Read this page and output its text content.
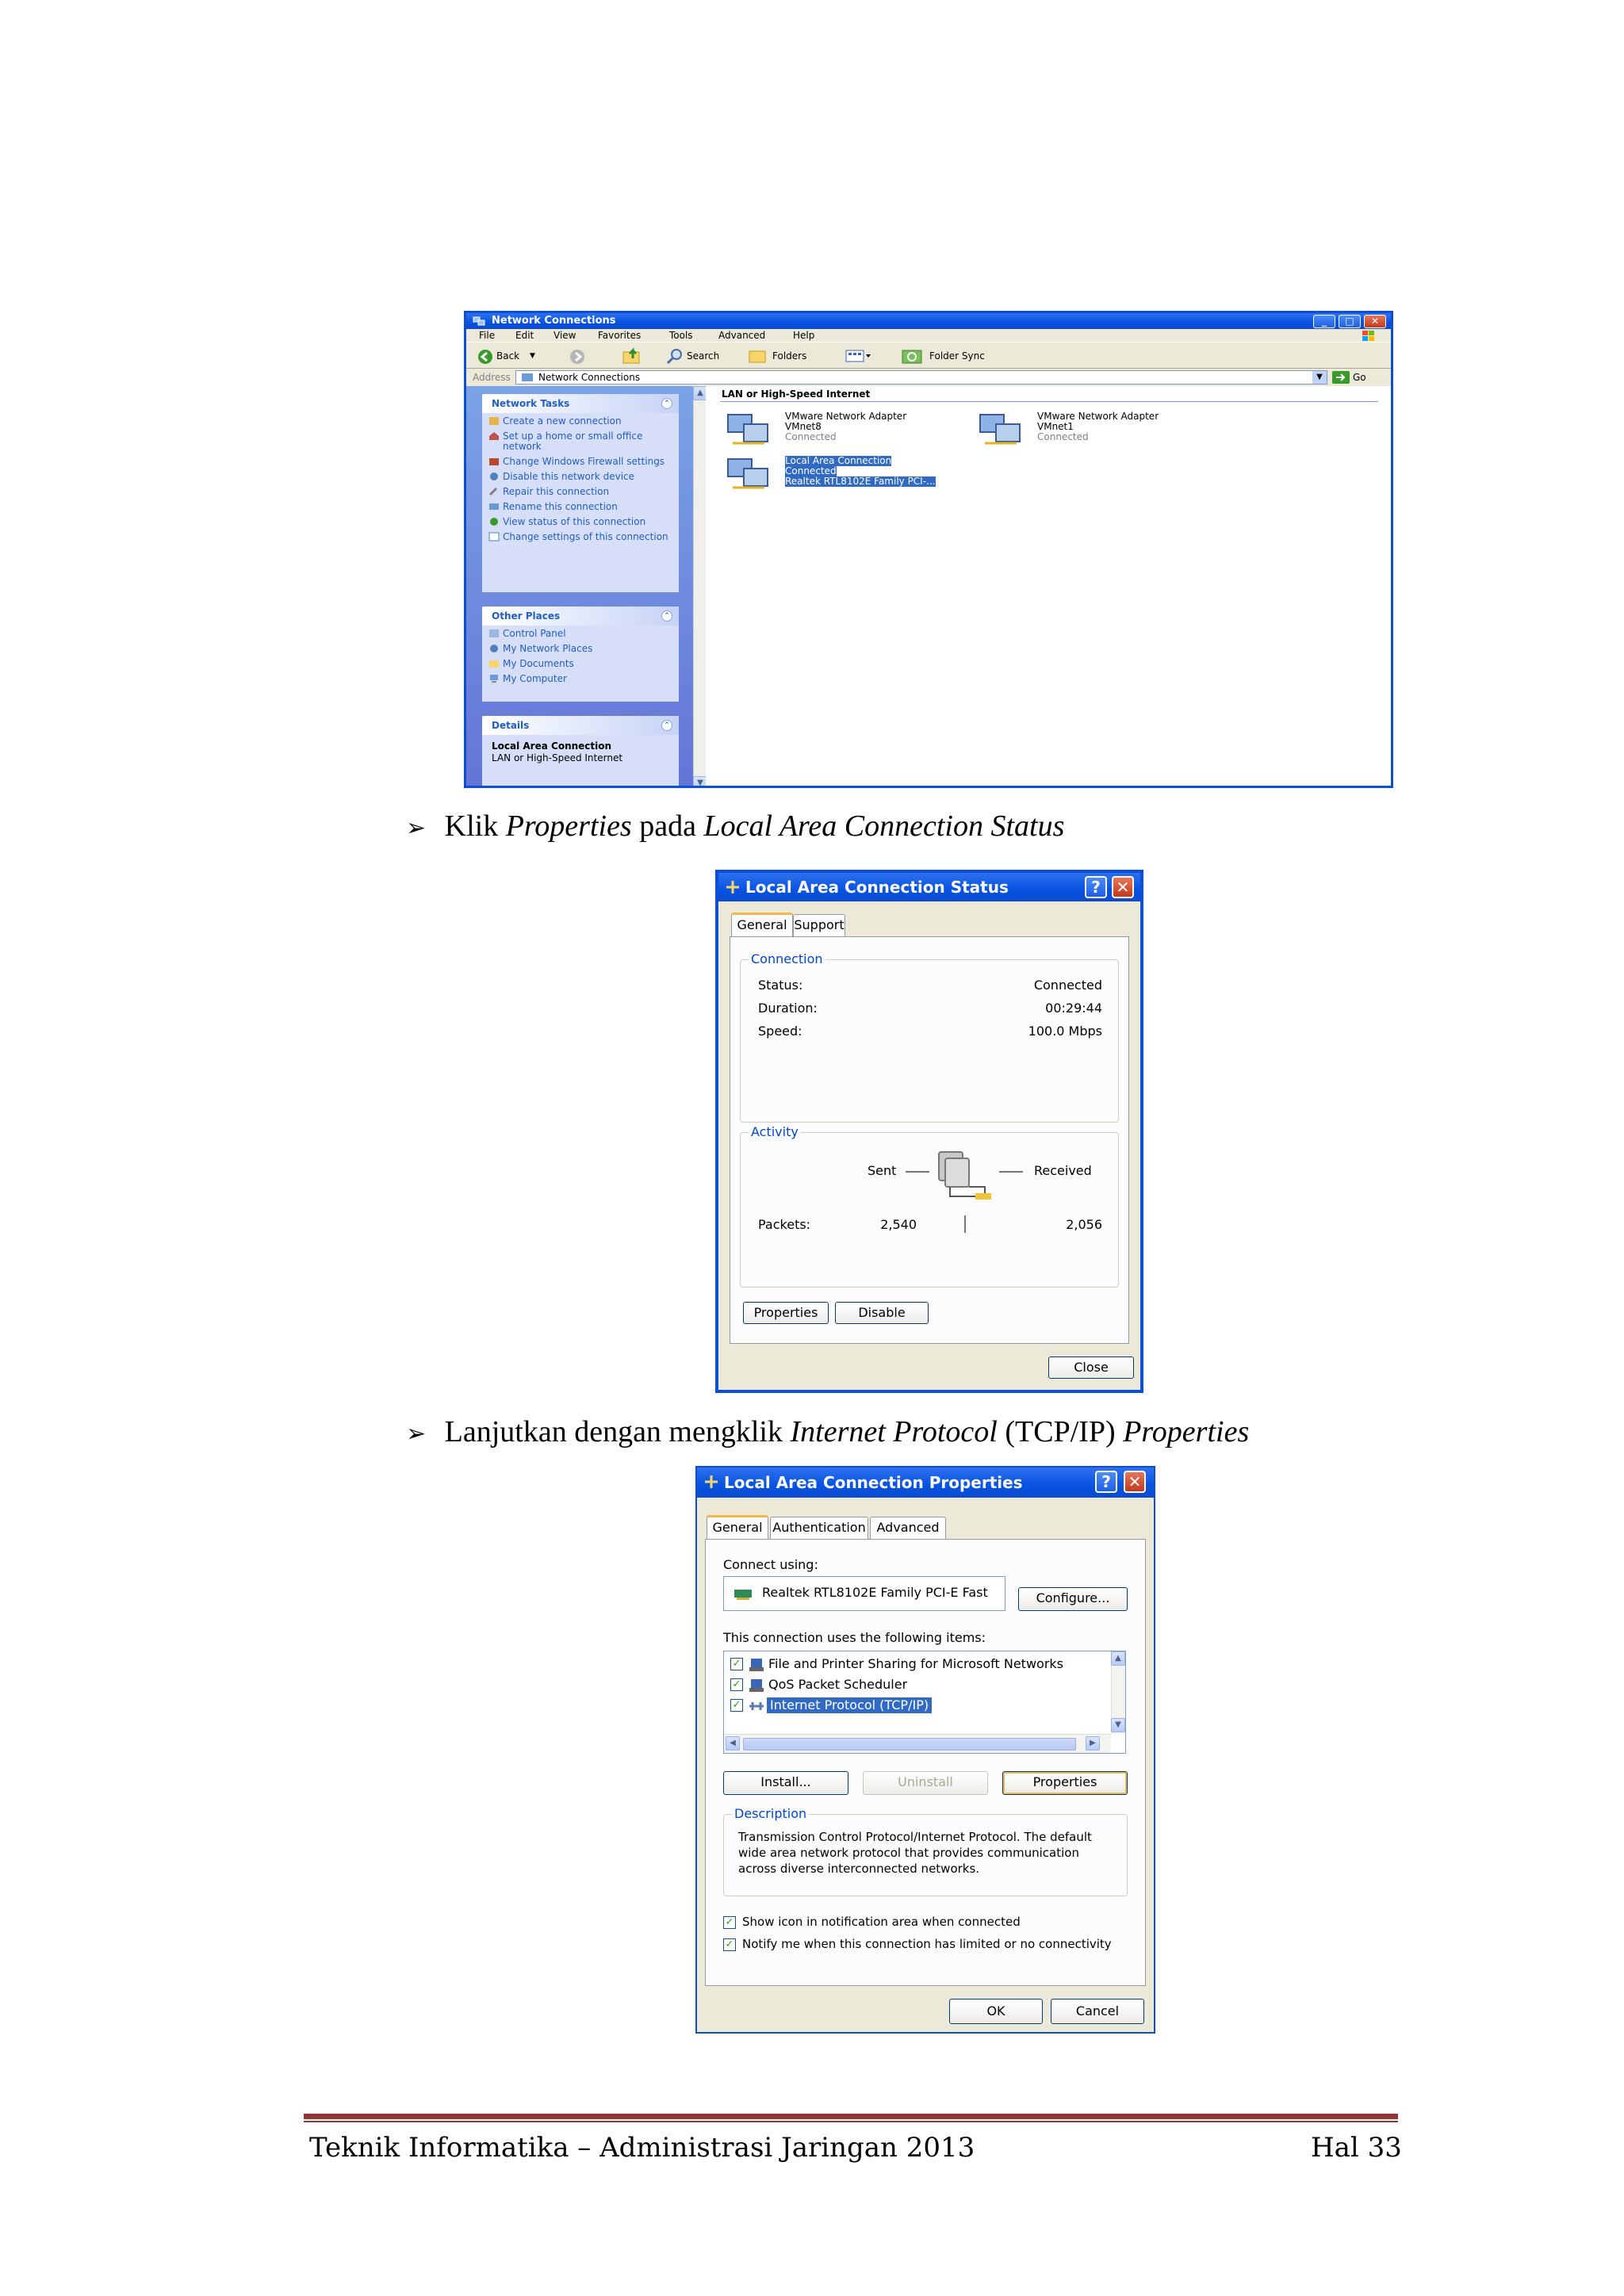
Network Connections	_	□	✕
File Edit View Favorites	Tools	Advanced	Help
Back ▼	Search	Folders	Folder Sync
Address	Network Connections	▼	Go
Network Tasks	⌃
Create a new connection
Set up a home or small office network
Change Windows Firewall settings
Disable this network device
Repair this connection
Rename this connection
View status of this connection
Change settings of this connection
Other Places	⌃
Control Panel
My Network Places
My Documents
My Computer
Details	⌃
Local Area Connection
LAN or High-Speed Internet
▲
▼
LAN or High-Speed Internet
VMware Network Adapter
VMnet8
Connected
VMware Network Adapter
VMnet1
Connected
Local Area Connection
Connected
Realtek RTL8102E Family PCI-...
➢ Klik Properties pada Local Area Connection Status
Local Area Connection Status	? ✕
General Support
Connection
Status:	Connected
Duration:	00:29:44
Speed:	100.0 Mbps
Activity
Sent	Received
Packets:	2,540	2,056
Properties	Disable
Close
➢ Lanjutkan dengan mengklik Internet Protocol (TCP/IP) Properties
Local Area Connection Properties	?	✕
General Authentication Advanced
Connect using:
Realtek RTL8102E Family PCI-E Fast	Configure...
This connection uses the following items:
✓ File and Printer Sharing for Microsoft Networks
✓ QoS Packet Scheduler
✓ Internet Protocol (TCP/IP)
▲
▼
◀	▶
Install...	Uninstall	Properties
Description
Transmission Control Protocol/Internet Protocol. The default wide area network protocol that provides communication across diverse interconnected networks.
✓ Show icon in notification area when connected
✓ Notify me when this connection has limited or no connectivity
OK	Cancel
Teknik Informatika – Administrasi Jaringan 2013	Hal 33
